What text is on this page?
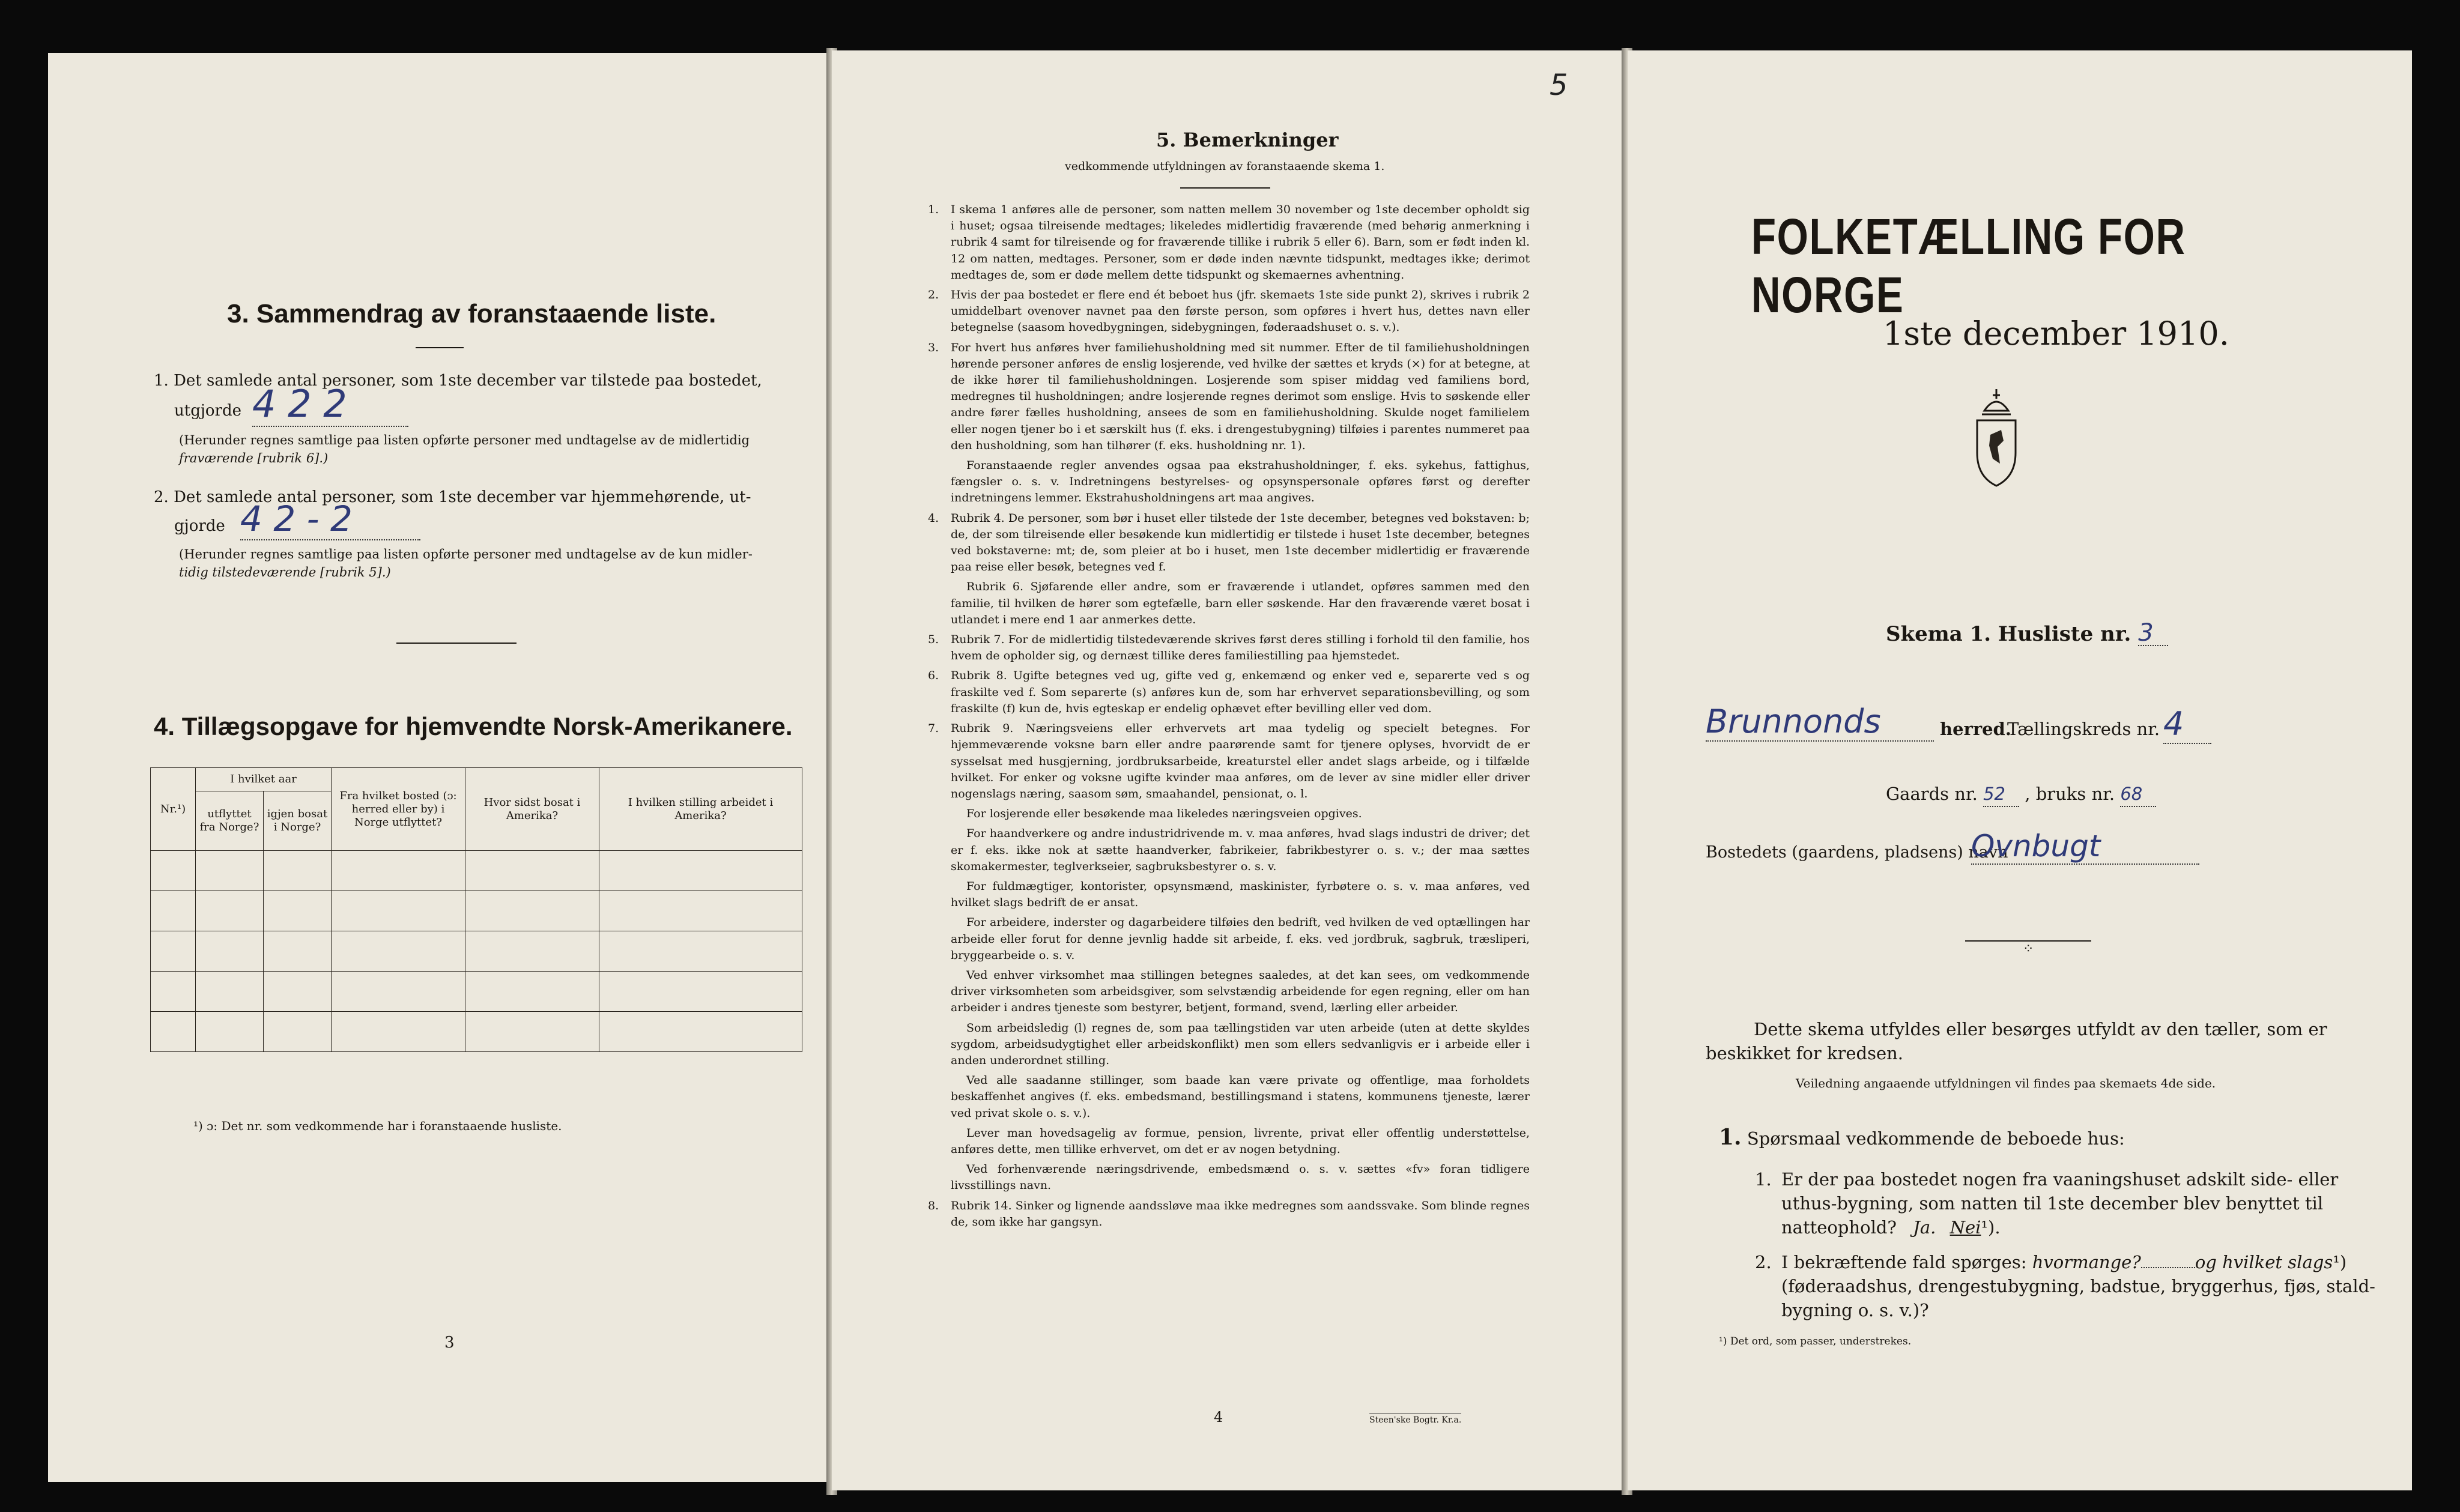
3. Sammendrag av foranstaaende liste.
1. Det samlede antal personer, som 1ste december var tilstede paa bostedet,
utgjorde 4 2 2
(Herunder regnes samtlige paa listen opførte personer med undtagelse av de midlertidig
fraværende [rubrik 6].)
2. Det samlede antal personer, som 1ste december var hjemmehørende, ut-
gjorde 4 2 - 2
(Herunder regnes samtlige paa listen opførte personer med undtagelse av de kun midler-
tidig tilstedeværende [rubrik 5].)
4. Tillægsopgave for hjemvendte Norsk-Amerikanere.
Nr.¹)	I hvilket aar		Fra hvilket bosted (ɔ: herred eller by) i Norge utflyttet?	Hvor sidst bosat i Amerika?	I hvilken stilling arbeidet i Amerika?
	utflyttet fra Norge?	igjen bosat i Norge?			

¹) ɔ: Det nr. som vedkommende har i foranstaaende husliste.
3
5
5. Bemerkninger
vedkommende utfyldningen av foranstaaende skema 1.
1. I skema 1 anføres alle de personer, som natten mellem 30 november og 1ste december opholdt sig i huset; ogsaa tilreisende medtages; likeledes midlertidig fraværende (med behørig anmerkning i rubrik 4 samt for tilreisende og for fraværende tillike i rubrik 5 eller 6). Barn, som er født inden kl. 12 om natten, medtages. Personer, som er døde inden nævnte tidspunkt, medtages ikke; derimot medtages de, som er døde mellem dette tidspunkt og skemaernes avhentning.
2. Hvis der paa bostedet er flere end ét beboet hus (jfr. skemaets 1ste side punkt 2), skrives i rubrik 2 umiddelbart ovenover navnet paa den første person, som opføres i hvert hus, dettes navn eller betegnelse (saasom hovedbygningen, sidebygningen, føderaadshuset o. s. v.).
3. For hvert hus anføres hver familiehusholdning med sit nummer. Efter de til familiehusholdningen hørende personer anføres de enslig losjerende, ved hvilke der sættes et kryds (×) for at betegne, at de ikke hører til familiehusholdningen. Losjerende som spiser middag ved familiens bord, medregnes til husholdningen; andre losjerende regnes derimot som enslige. Hvis to søskende eller andre fører fælles husholdning, ansees de som en familiehusholdning. Skulde noget familielem eller nogen tjener bo i et særskilt hus (f. eks. i drengestubygning) tilføies i parentes nummeret paa den husholdning, som han tilhører (f. eks. husholdning nr. 1).
Foranstaaende regler anvendes ogsaa paa ekstrahusholdninger, f. eks. sykehus, fattighus, fængsler o. s. v. Indretningens bestyrelses- og opsynspersonale opføres først og derefter indretningens lemmer. Ekstrahusholdningens art maa angives.
4. Rubrik 4. De personer, som bør i huset eller tilstede der 1ste december, betegnes ved bokstaven: b; de, der som tilreisende eller besøkende kun midlertidig er tilstede i huset 1ste december, betegnes ved bokstaverne: mt; de, som pleier at bo i huset, men 1ste december midlertidig er fraværende paa reise eller besøk, betegnes ved f.
Rubrik 6. Sjøfarende eller andre, som er fraværende i utlandet, opføres sammen med den familie, til hvilken de hører som egtefælle, barn eller søskende. Har den fraværende været bosat i utlandet i mere end 1 aar anmerkes dette.
5. Rubrik 7. For de midlertidig tilstedeværende skrives først deres stilling i forhold til den familie, hos hvem de opholder sig, og dernæst tillike deres familiestilling paa hjemstedet.
6. Rubrik 8. Ugifte betegnes ved ug, gifte ved g, enkemænd og enker ved e, separerte ved s og fraskilte ved f. Som separerte (s) anføres kun de, som har erhvervet separationsbevilling, og som fraskilte (f) kun de, hvis egteskap er endelig ophævet efter bevilling eller ved dom.
7. Rubrik 9. Næringsveiens eller erhvervets art maa tydelig og specielt betegnes. For hjemmeværende voksne barn eller andre paarørende samt for tjenere oplyses, hvorvidt de er sysselsat med husgjerning, jordbruksarbeide, kreaturstel eller andet slags arbeide, og i tilfælde hvilket. For enker og voksne ugifte kvinder maa anføres, om de lever av sine midler eller driver nogenslags næring, saasom søm, smaahandel, pensionat, o. l.
For losjerende eller besøkende maa likeledes næringsveien opgives.
For haandverkere og andre industridrivende m. v. maa anføres, hvad slags industri de driver; det er f. eks. ikke nok at sætte haandverker, fabrikeier, fabrikbestyrer o. s. v.; der maa sættes skomakermester, teglverkseier, sagbruksbestyrer o. s. v.
For fuldmægtiger, kontorister, opsynsmænd, maskinister, fyrbøtere o. s. v. maa anføres, ved hvilket slags bedrift de er ansat.
For arbeidere, inderster og dagarbeidere tilføies den bedrift, ved hvilken de ved optællingen har arbeide eller forut for denne jevnlig hadde sit arbeide, f. eks. ved jordbruk, sagbruk, træsliperi, bryggearbeide o. s. v.
Ved enhver virksomhet maa stillingen betegnes saaledes, at det kan sees, om vedkommende driver virksomheten som arbeidsgiver, som selvstændig arbeidende for egen regning, eller om han arbeider i andres tjeneste som bestyrer, betjent, formand, svend, lærling eller arbeider.
Som arbeidsledig (l) regnes de, som paa tællingstiden var uten arbeide (uten at dette skyldes sygdom, arbeidsudygtighet eller arbeidskonflikt) men som ellers sedvanligvis er i arbeide eller i anden underordnet stilling.
Ved alle saadanne stillinger, som baade kan være private og offentlige, maa forholdets beskaffenhet angives (f. eks. embedsmand, bestillingsmand i statens, kommunens tjeneste, lærer ved privat skole o. s. v.).
Lever man hovedsagelig av formue, pension, livrente, privat eller offentlig understøttelse, anføres dette, men tillike erhvervet, om det er av nogen betydning.
Ved forhenværende næringsdrivende, embedsmænd o. s. v. sættes «fv» foran tidligere livsstillings navn.
8. Rubrik 14. Sinker og lignende aandssløve maa ikke medregnes som aandssvake. Som blinde regnes de, som ikke har gangsyn.
4	Steen'ske Bogtr. Kr.a.
FOLKETÆLLING FOR NORGE
1ste december 1910.
Skema 1. Husliste nr. 3
Brunnonds	herred.
Tællingskreds nr. 4
Gaards nr. 52 , bruks nr. 68
Bostedets (gaardens, pladsens) navn
Ovnbugt
⁘
Dette skema utfyldes eller besørges utfyldt av den tæller, som er
beskikket for kredsen.
Veiledning angaaende utfyldningen vil findes paa skemaets 4de side.
1. Spørsmaal vedkommende de beboede hus:
1. Er der paa bostedet nogen fra vaaningshuset adskilt side- eller
uthus-bygning, som natten til 1ste december blev benyttet til
natteophold? Ja. Nei¹).
2. I bekræftende fald spørges: hvormange?	og hvilket slags¹)
(føderaadshus, drengestubygning, badstue, bryggerhus, fjøs, stald-
bygning o. s. v.)?
¹) Det ord, som passer, understrekes.
